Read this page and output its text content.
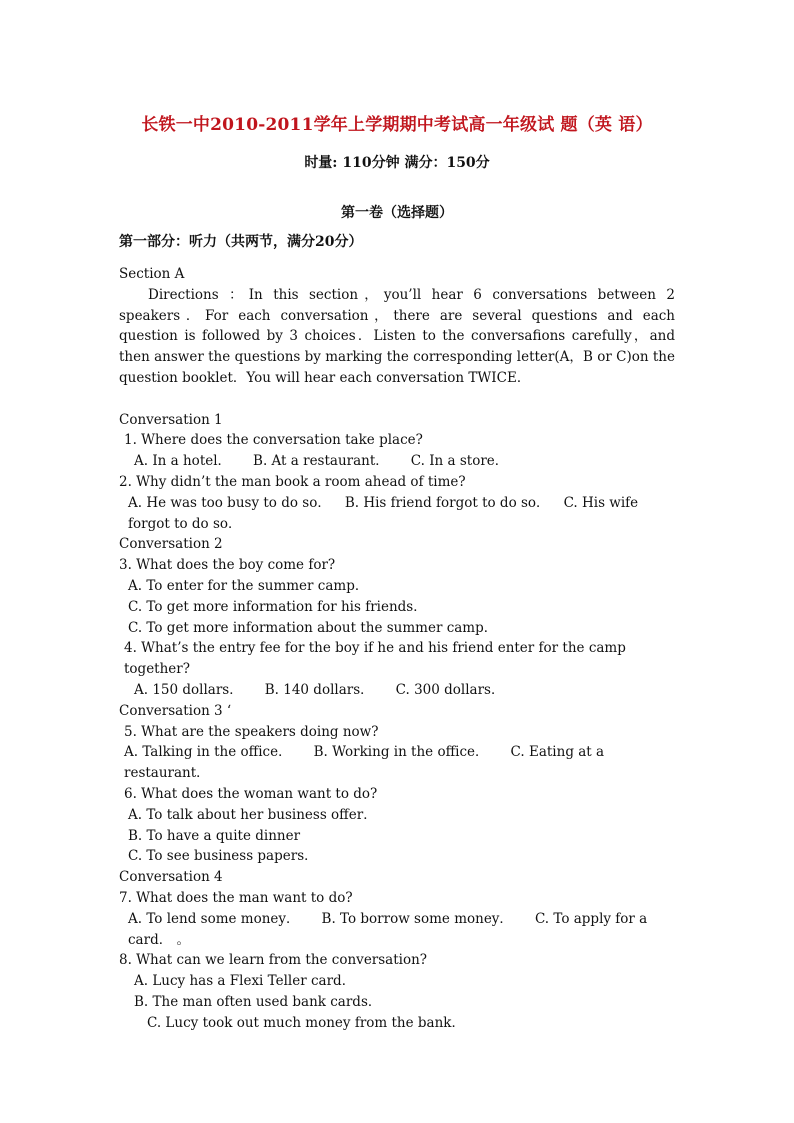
长铁一中2010-2011学年上学期期中考试高一年级试 题（英 语）
时量: 110分钟 满分：150分
第一卷（选择题）
第一部分：听力（共两节，满分20分）

Section A

Directions ：In this section，you’ll hear 6 conversations between 2 speakers．For each conversation，there are several questions and each question is followed by 3 choices．Listen to the conversaﬁons carefully，and then answer the questions by marking the corresponding letter(A，B or C)on the question booklet．You will hear each conversation TWICE．

Conversation 1

1. Where does the conversation take place?

A. In a hotel． B. At a restaurant． C. In a store．

2. Why didn’t the man book a room ahead of time?

A. He was too busy to do so． B. His friend forgot to do so． C. His wife forgot to do so．

Conversation 2

3. What does the boy come for?

A. To enter for the summer camp．

C. To get more information for his friends．

C. To get more information about the summer camp．

4. What’s the entry fee for the boy if he and his friend enter for the camp together?

A. 150 dollars． B. 140 dollars． C. 300 dollars．

Conversation 3 ‘

5. What are the speakers doing now?

A. Talking in the office． B. Working in the office． C. Eating at a restaurant．

6. What does the woman want to do?

A. To talk about her business offer．

B. To have a quite dinner

C. To see business papers．

Conversation 4

7. What does the man want to do?

A. To lend some money． B. To borrow some money． C. To apply for a card． 。

8. What can we learn from the conversation?

A. Lucy has a Flexi Teller card．

B. The man often used bank cards．

C. Lucy took out much money from the bank．
